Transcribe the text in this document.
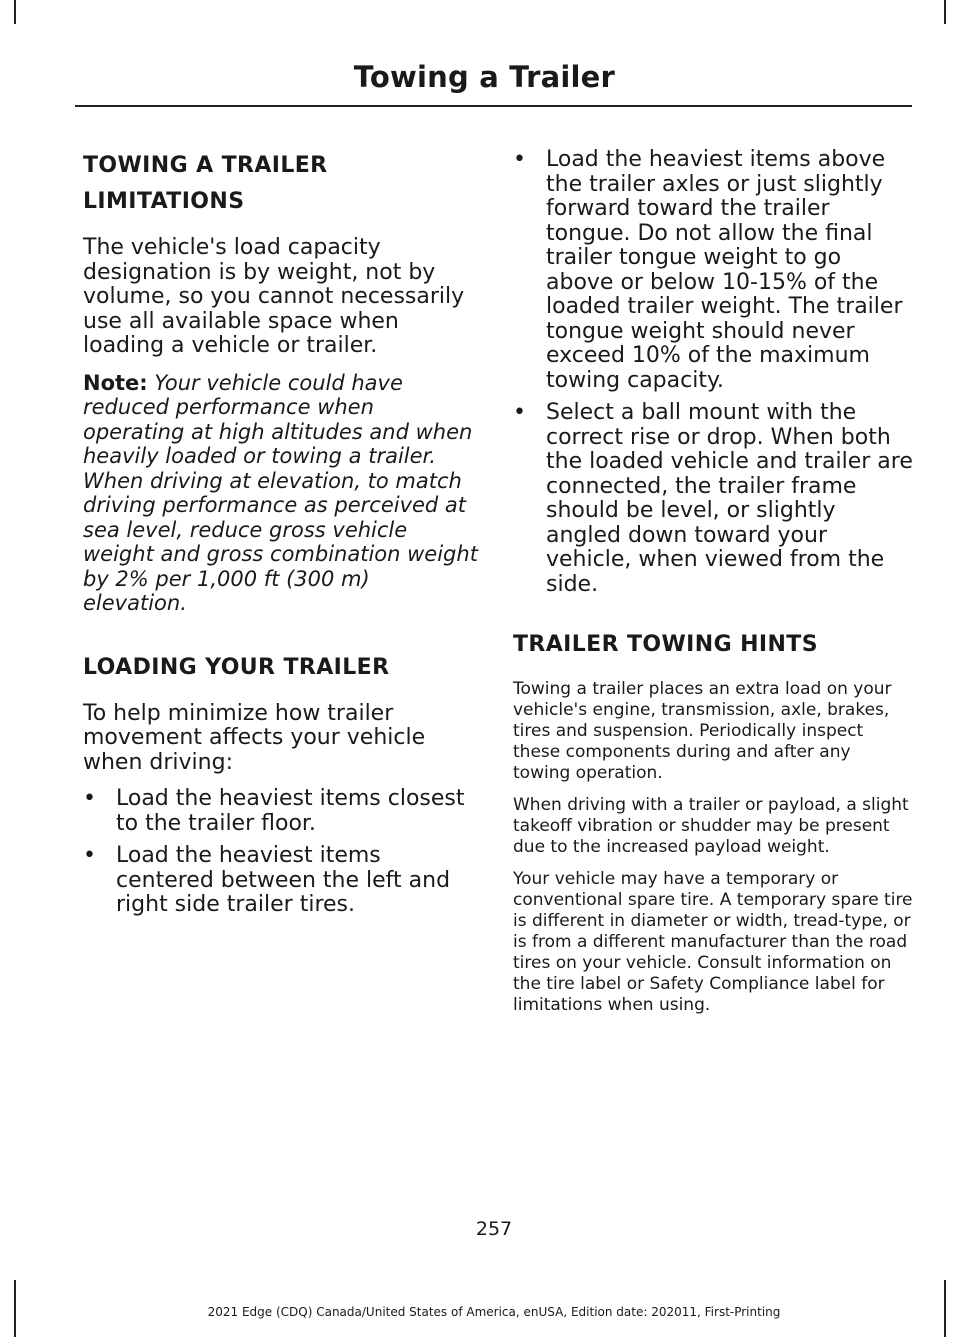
Towing a Trailer
TOWING A TRAILER LIMITATIONS

The vehicle's load capacity designation is by weight, not by volume, so you cannot necessarily use all available space when loading a vehicle or trailer.

Note: Your vehicle could have reduced performance when operating at high altitudes and when heavily loaded or towing a trailer. When driving at elevation, to match driving performance as perceived at sea level, reduce gross vehicle weight and gross combination weight by 2% per 1,000 ft (300 m) elevation.

LOADING YOUR TRAILER

To help minimize how trailer movement affects your vehicle when driving:

• Load the heaviest items closest to the trailer floor.
• Load the heaviest items centered between the left and right side trailer tires.
• Load the heaviest items above the trailer axles or just slightly forward toward the trailer tongue. Do not allow the final trailer tongue weight to go above or below 10-15% of the loaded trailer weight. The trailer tongue weight should never exceed 10% of the maximum towing capacity.
• Select a ball mount with the correct rise or drop. When both the loaded vehicle and trailer are connected, the trailer frame should be level, or slightly angled down toward your vehicle, when viewed from the side.
TRAILER TOWING HINTS

Towing a trailer places an extra load on your vehicle's engine, transmission, axle, brakes, tires and suspension. Periodically inspect these components during and after any towing operation.

When driving with a trailer or payload, a slight takeoff vibration or shudder may be present due to the increased payload weight.

Your vehicle may have a temporary or conventional spare tire. A temporary spare tire is different in diameter or width, tread-type, or is from a different manufacturer than the road tires on your vehicle. Consult information on the tire label or Safety Compliance label for limitations when using.

257
2021 Edge (CDQ) Canada/United States of America, enUSA, Edition date: 202011, First-Printing
